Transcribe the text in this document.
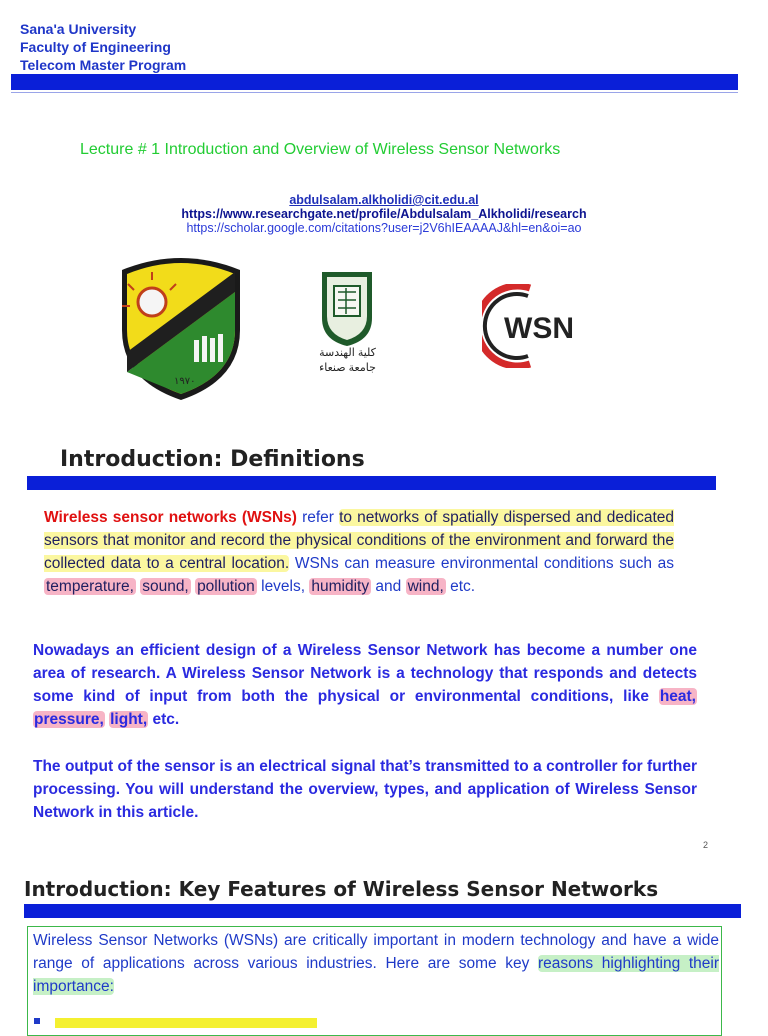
Sana'a University
Faculty of Engineering
Telecom Master Program
Lecture # 1 Introduction and Overview of Wireless Sensor Networks
abdulsalam.alkholidi@cit.edu.al
https://www.researchgate.net/profile/Abdulsalam_Alkholidi/research
https://scholar.google.com/citations?user=j2V6hIEAAAAJ&hl=en&oi=ao
١٩٧٠
كلية الهندسة
جامعة صنعاء
WSN
Introduction: Definitions
Wireless sensor networks (WSNs) refer to networks of spatially dispersed and dedicated sensors that monitor and record the physical conditions of the environment and forward the collected data to a central location. WSNs can measure environmental conditions such as temperature, sound, pollution levels, humidity and wind, etc.
Nowadays an efficient design of a Wireless Sensor Network has become a number one area of research. A Wireless Sensor Network is a technology that responds and detects some kind of input from both the physical or environmental conditions, like heat, pressure, light, etc.
The output of the sensor is an electrical signal that’s transmitted to a controller for further processing. You will understand the overview, types, and application of Wireless Sensor Network in this article.
2
Introduction: Key Features of Wireless Sensor Networks
Wireless Sensor Networks (WSNs) are critically important in modern technology and have a wide range of applications across various industries. Here are some key reasons highlighting their importance:
